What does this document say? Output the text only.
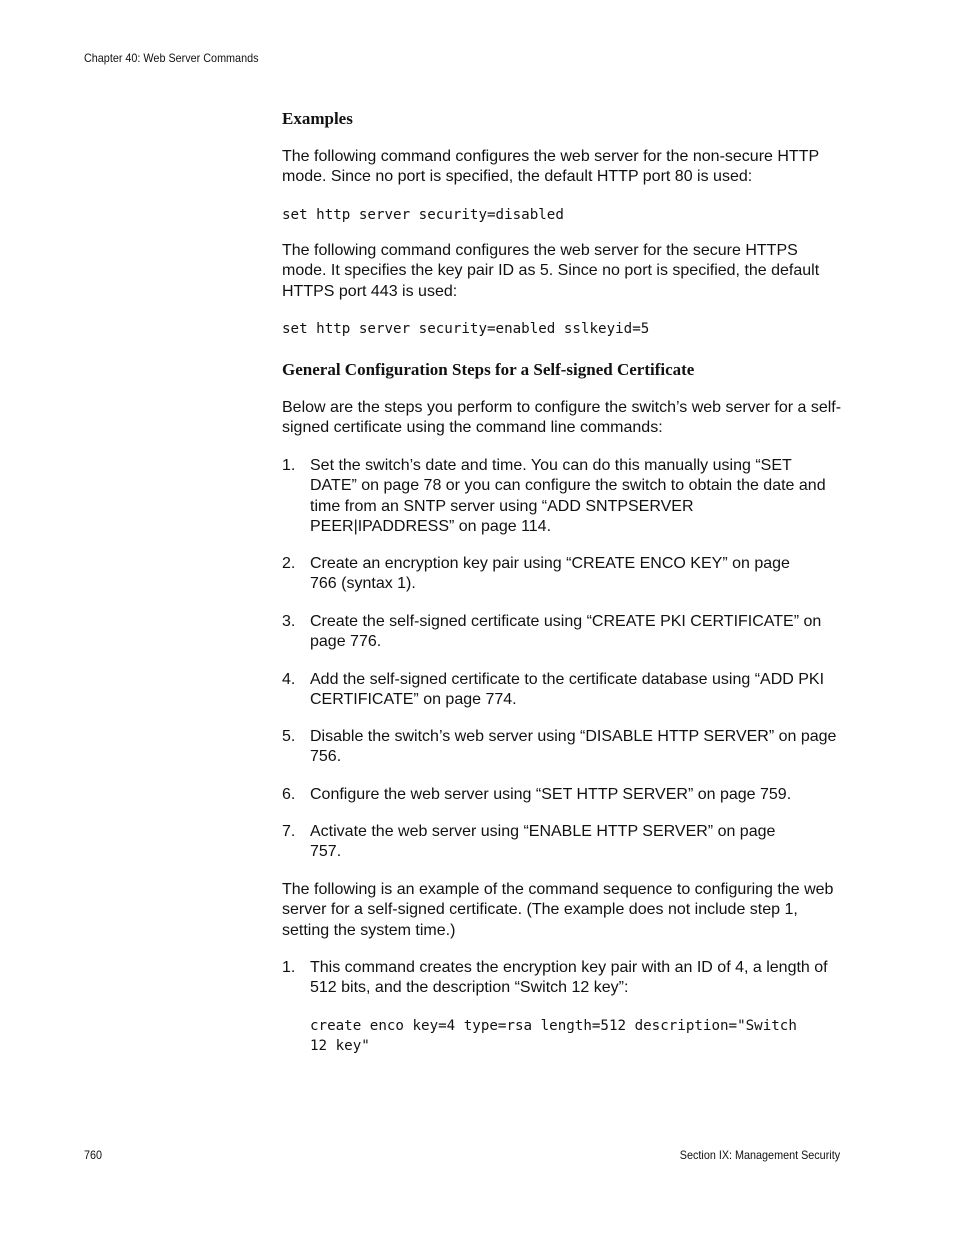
Chapter 40: Web Server Commands
Examples
The following command configures the web server for the non-secure HTTP mode. Since no port is specified, the default HTTP port 80 is used:
set http server security=disabled
The following command configures the web server for the secure HTTPS mode. It specifies the key pair ID as 5. Since no port is specified, the default HTTPS port 443 is used:
set http server security=enabled sslkeyid=5
General Configuration Steps for a Self-signed Certificate
Below are the steps you perform to configure the switch’s web server for a self-signed certificate using the command line commands:
1. Set the switch’s date and time. You can do this manually using “SET DATE” on page 78 or you can configure the switch to obtain the date and time from an SNTP server using “ADD SNTPSERVER PEER|IPADDRESS” on page 114.
2. Create an encryption key pair using “CREATE ENCO KEY” on page 766 (syntax 1).
3. Create the self-signed certificate using “CREATE PKI CERTIFICATE” on page 776.
4. Add the self-signed certificate to the certificate database using “ADD PKI CERTIFICATE” on page 774.
5. Disable the switch’s web server using “DISABLE HTTP SERVER” on page 756.
6. Configure the web server using “SET HTTP SERVER” on page 759.
7. Activate the web server using “ENABLE HTTP SERVER” on page 757.
The following is an example of the command sequence to configuring the web server for a self-signed certificate. (The example does not include step 1, setting the system time.)
1. This command creates the encryption key pair with an ID of 4, a length of 512 bits, and the description “Switch 12 key”:
create enco key=4 type=rsa length=512 description="Switch
12 key"
760	Section IX: Management Security
